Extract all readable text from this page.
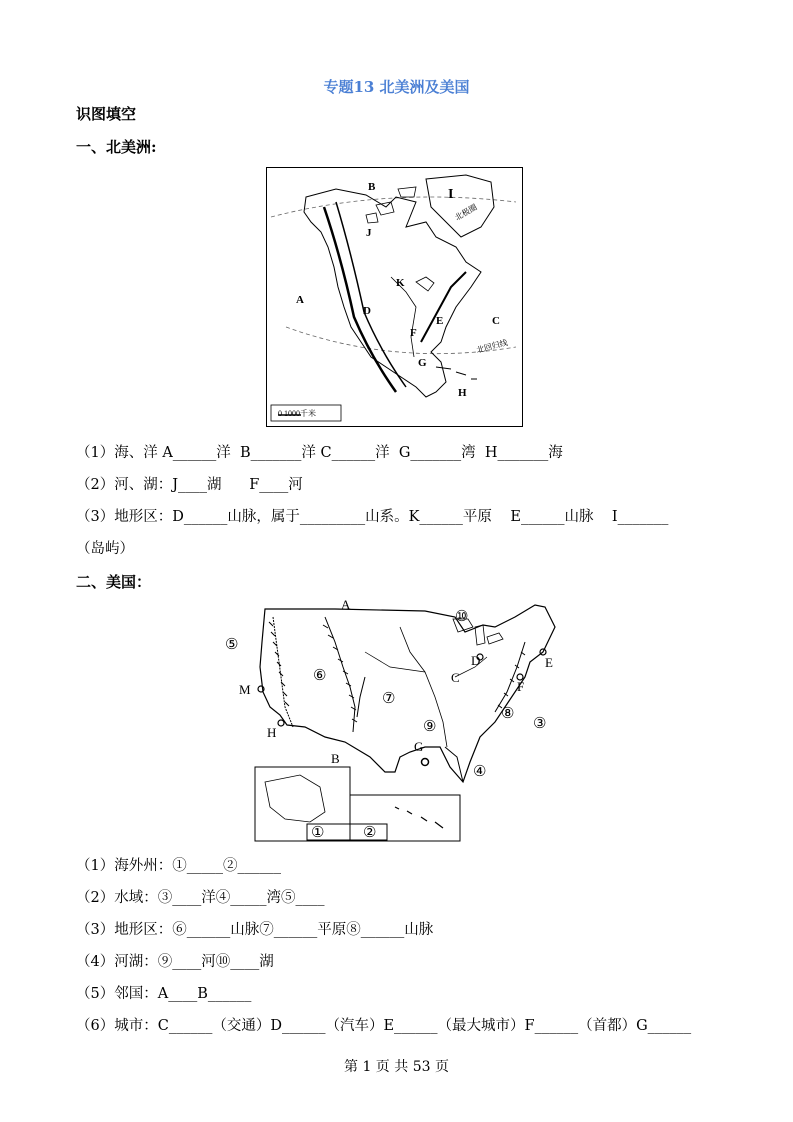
专题13 北美洲及美国
识图填空
一、北美洲:
B	I
J
A
K
D
F
E	C
G
H
北极圈
北回归线
0 1000千米
（1）海、洋 A______洋  B_______洋 C______洋  G_______湾  H_______海
（2）河、湖：J____湖      F____河
（3）地形区：D______山脉，属于_________山系。K______平原    E______山脉    I_______
（岛屿）
二、美国：
A
⑩
⑤
⑥
⑦
⑨
⑧
③
④
D
C
E
F
G
B
M
H
①	②
（1）海外州：①_____②______
（2）水域：③____洋④_____湾⑤____
（3）地形区：⑥______山脉⑦______平原⑧______山脉
（4）河湖：⑨____河⑩____湖
（5）邻国：A____B______
（6）城市：C______（交通）D______（汽车）E______（最大城市）F______（首都）G______
第 1 页 共 53 页
